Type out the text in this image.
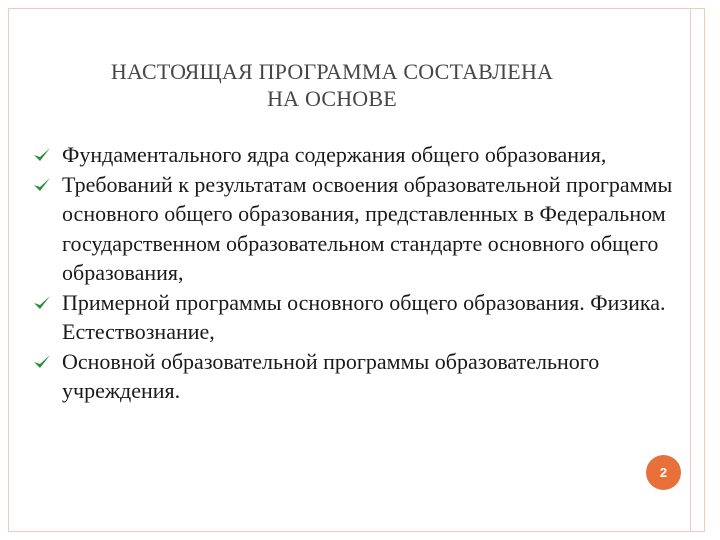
НАСТОЯЩАЯ ПРОГРАММА СОСТАВЛЕНА
НА ОСНОВЕ
Фундаментального ядра содержания общего образования,
Требований к результатам освоения образовательной программы основного общего образования, представленных в Федеральном государственном образовательном стандарте основного общего образования,
Примерной программы основного общего образования. Физика. Естествознание,
Основной образовательной программы образовательного учреждения.
2
